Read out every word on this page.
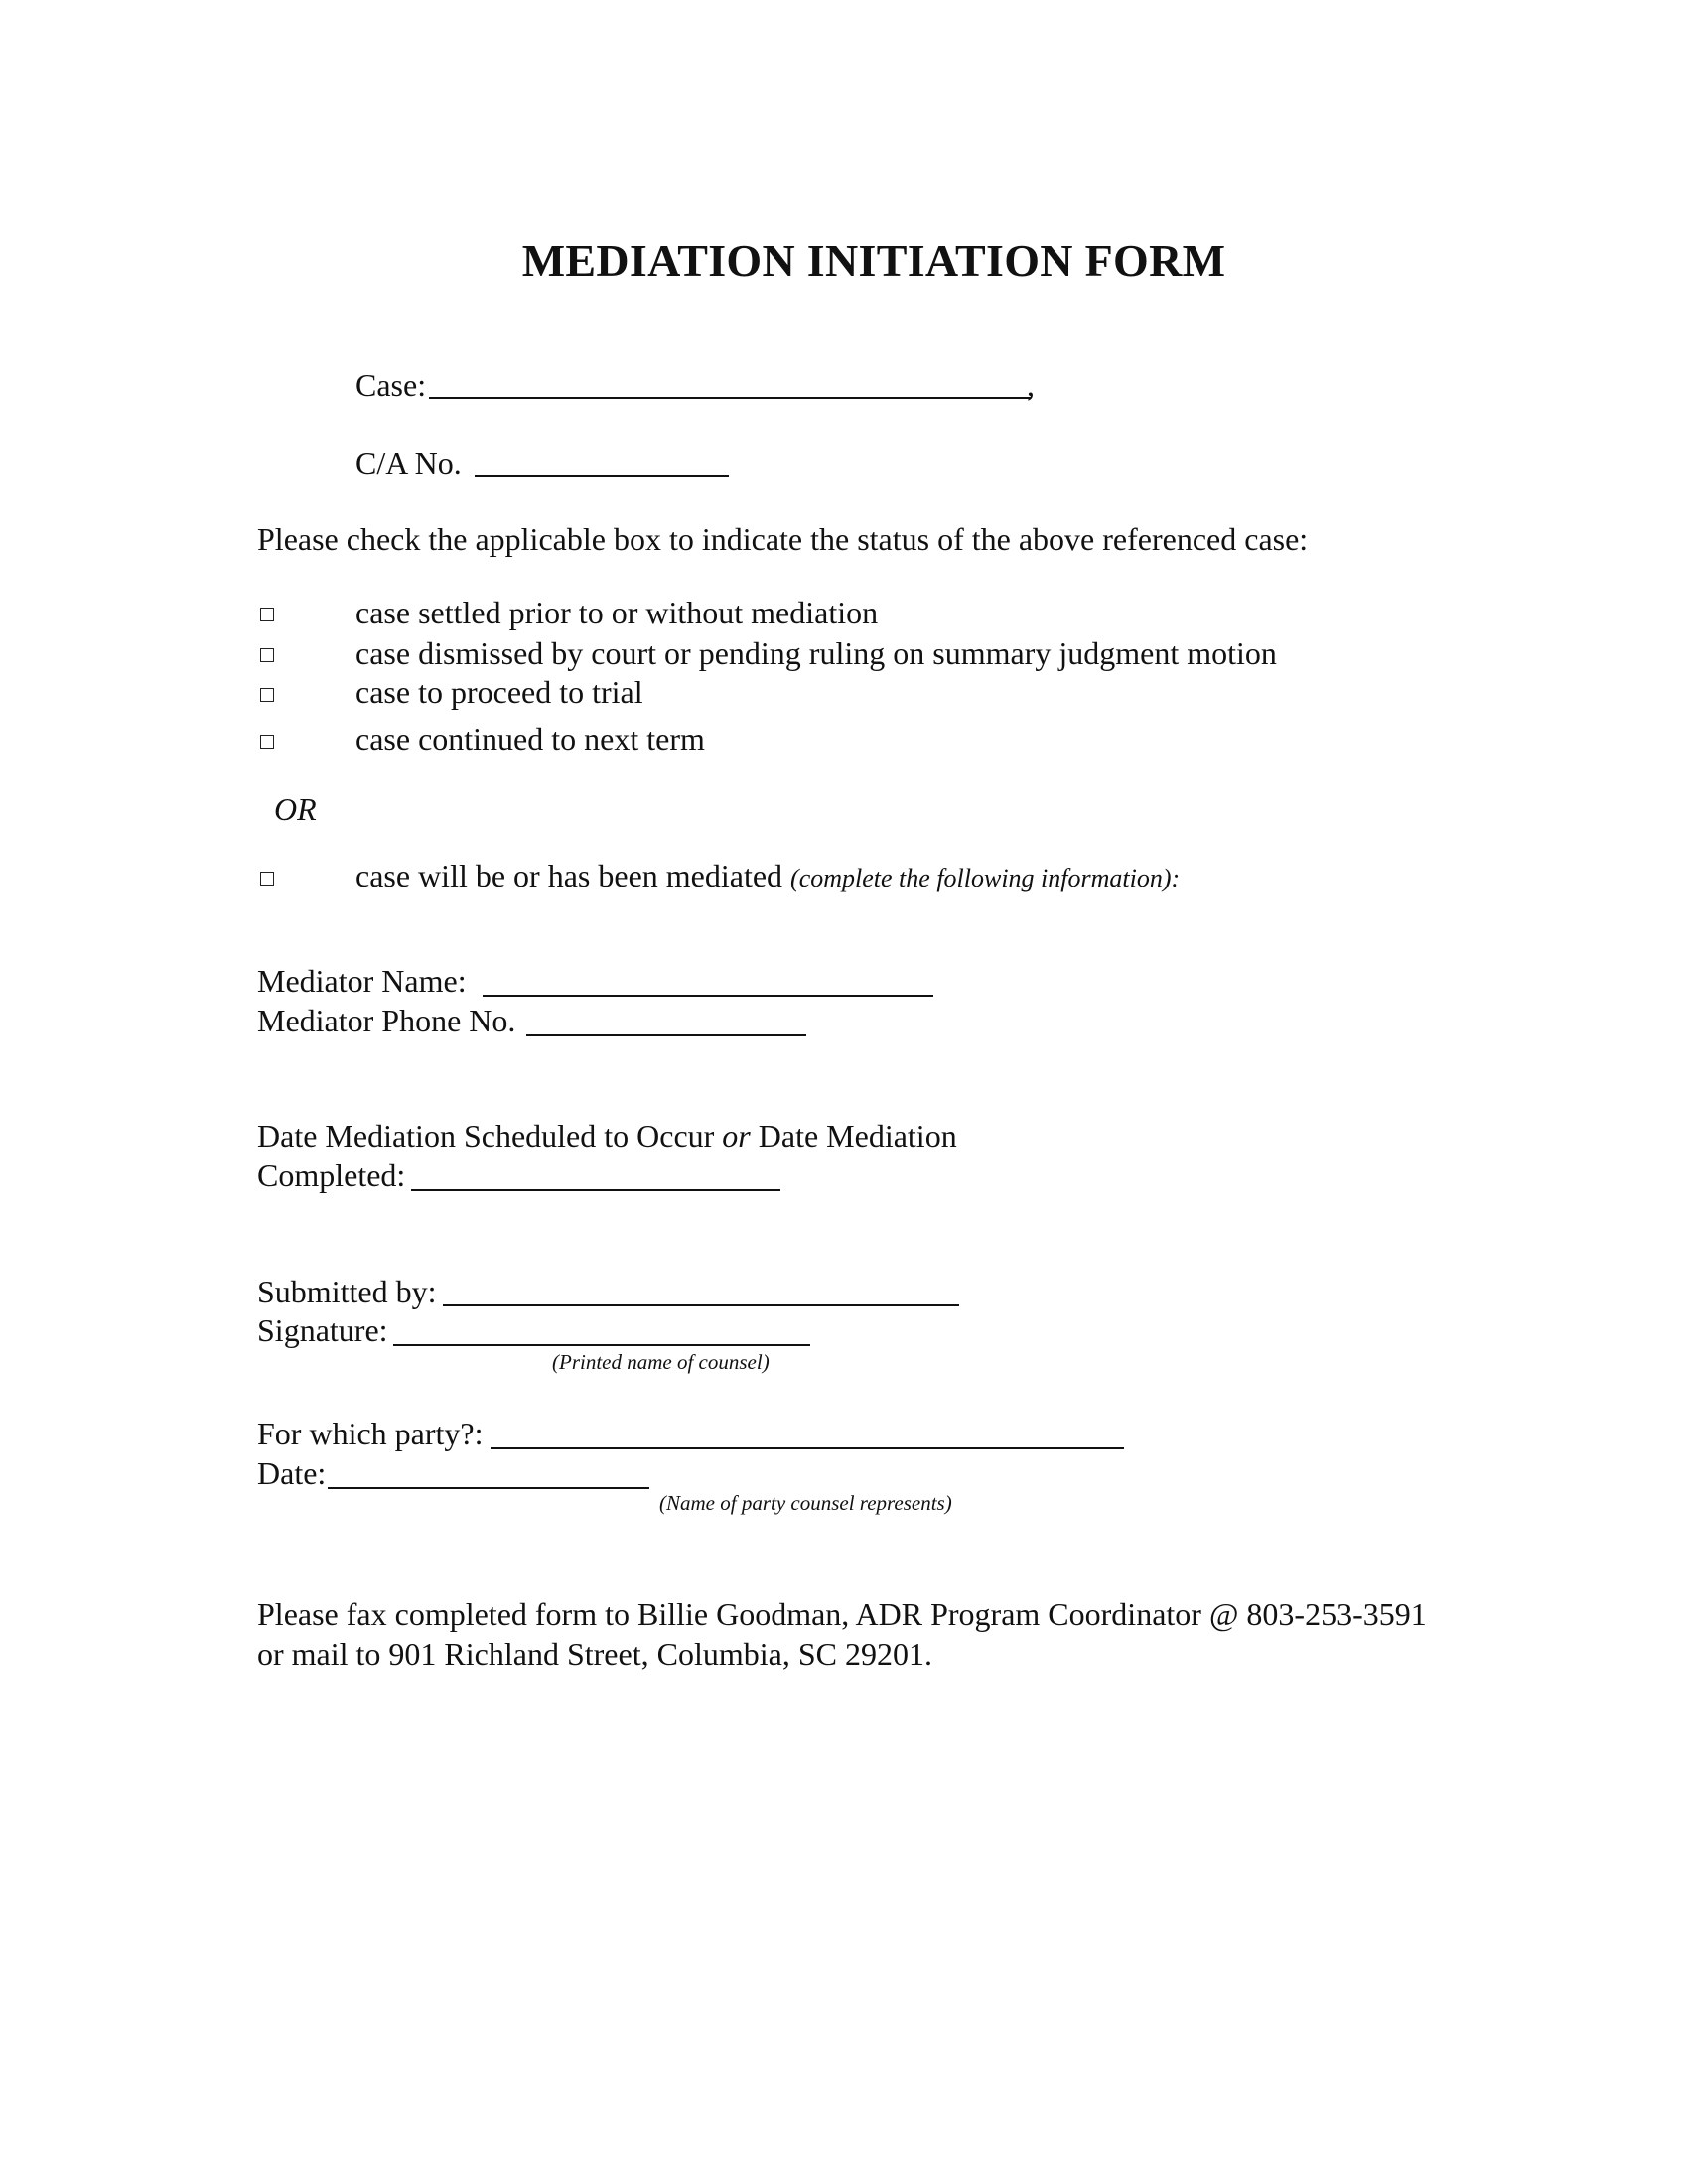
MEDIATION INITIATION FORM
Case:	,
C/A No.
Please check the applicable box to indicate the status of the above referenced case:
case settled prior to or without mediation
case dismissed by court or pending ruling on summary judgment motion
case to proceed to trial
case continued to next term
OR
case will be or has been mediated (complete the following information):
Mediator Name:
Mediator Phone No.
Date Mediation Scheduled to Occur or Date Mediation
Completed:
Submitted by:
Signature:
(Printed name of counsel)
For which party?:
Date:
(Name of party counsel represents)
Please fax completed form to Billie Goodman, ADR Program Coordinator @ 803-253-3591
or mail to 901 Richland Street, Columbia, SC 29201.
